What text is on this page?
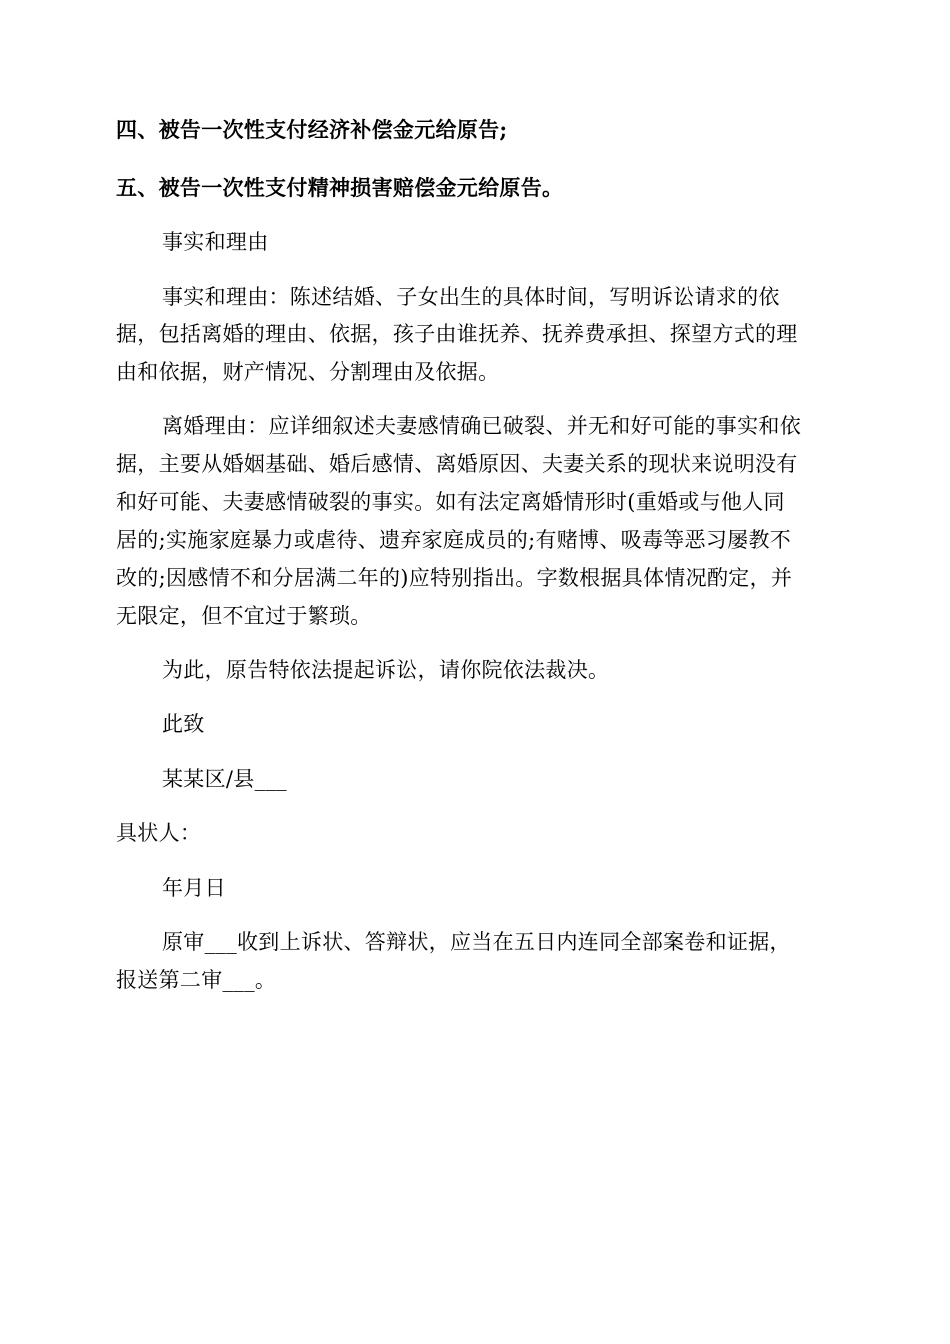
四、被告一次性支付经济补偿金元给原告;
五、被告一次性支付精神损害赔偿金元给原告。
事实和理由
事实和理由：陈述结婚、子女出生的具体时间，写明诉讼请求的依
据，包括离婚的理由、依据，孩子由谁抚养、抚养费承担、探望方式的理
由和依据，财产情况、分割理由及依据。
离婚理由：应详细叙述夫妻感情确已破裂、并无和好可能的事实和依
据，主要从婚姻基础、婚后感情、离婚原因、夫妻关系的现状来说明没有
和好可能、夫妻感情破裂的事实。如有法定离婚情形时(重婚或与他人同
居的;实施家庭暴力或虐待、遗弃家庭成员的;有赌博、吸毒等恶习屡教不
改的;因感情不和分居满二年的)应特别指出。字数根据具体情况酌定，并
无限定，但不宜过于繁琐。
为此，原告特依法提起诉讼，请你院依法裁决。
此致
某某区/县___
具状人：
年月日
原审___收到上诉状、答辩状，应当在五日内连同全部案卷和证据，
报送第二审___。
